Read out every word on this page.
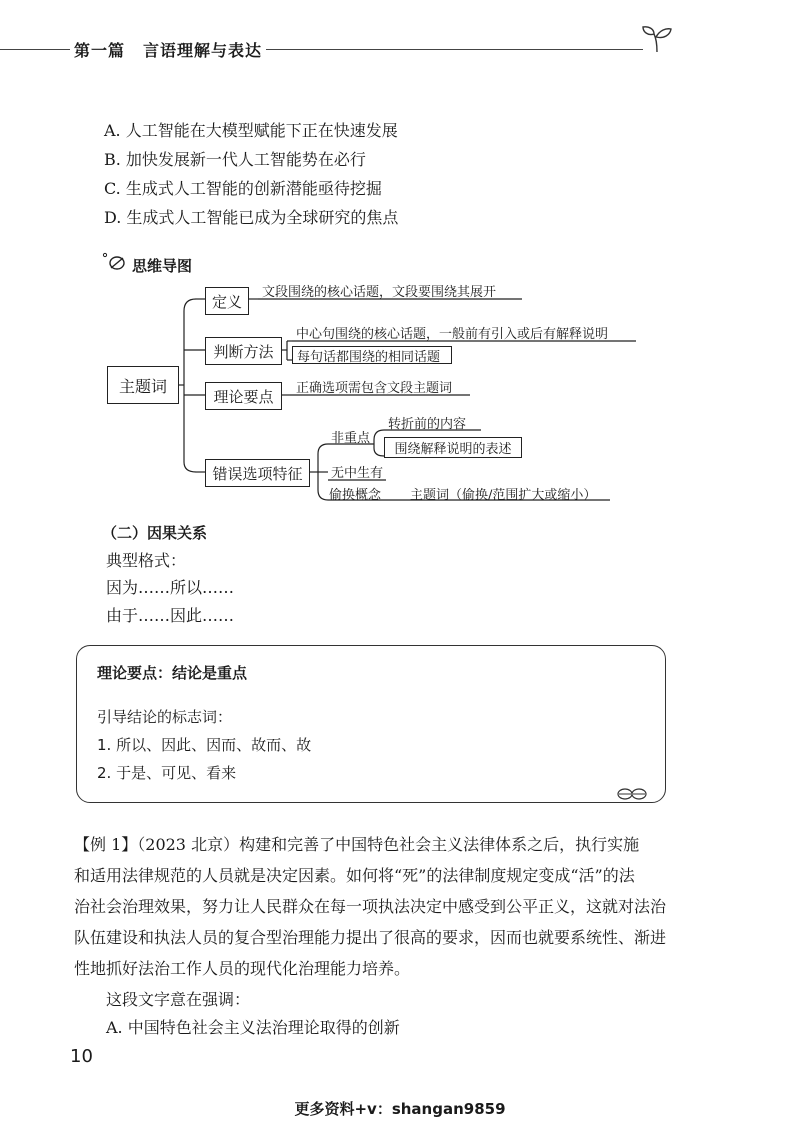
第一篇 言语理解与表达
A. 人工智能在大模型赋能下正在快速发展
B. 加快发展新一代人工智能势在必行
C. 生成式人工智能的创新潜能亟待挖掘
D. 生成式人工智能已成为全球研究的焦点
思维导图
主题词
定义	文段围绕的核心话题，文段要围绕其展开
判断方法
中心句围绕的核心话题，一般前有引入或后有解释说明
每句话都围绕的相同话题
理论要点	正确选项需包含文段主题词
错误选项特征
非重点
转折前的内容
围绕解释说明的表述
无中生有
偷换概念 主题词（偷换/范围扩大或缩小）
（二）因果关系
典型格式：
因为……所以……
由于……因此……
理论要点：结论是重点
引导结论的标志词：
1. 所以、因此、因而、故而、故
2. 于是、可见、看来
【例 1】（2023 北京）构建和完善了中国特色社会主义法律体系之后，执行实施
和适用法律规范的人员就是决定因素。如何将“死”的法律制度规定变成“活”的法
治社会治理效果，努力让人民群众在每一项执法决定中感受到公平正义，这就对法治
队伍建设和执法人员的复合型治理能力提出了很高的要求，因而也就要系统性、渐进
性地抓好法治工作人员的现代化治理能力培养。
这段文字意在强调：
A. 中国特色社会主义法治理论取得的创新
10
更多资料+v：shangan9859
